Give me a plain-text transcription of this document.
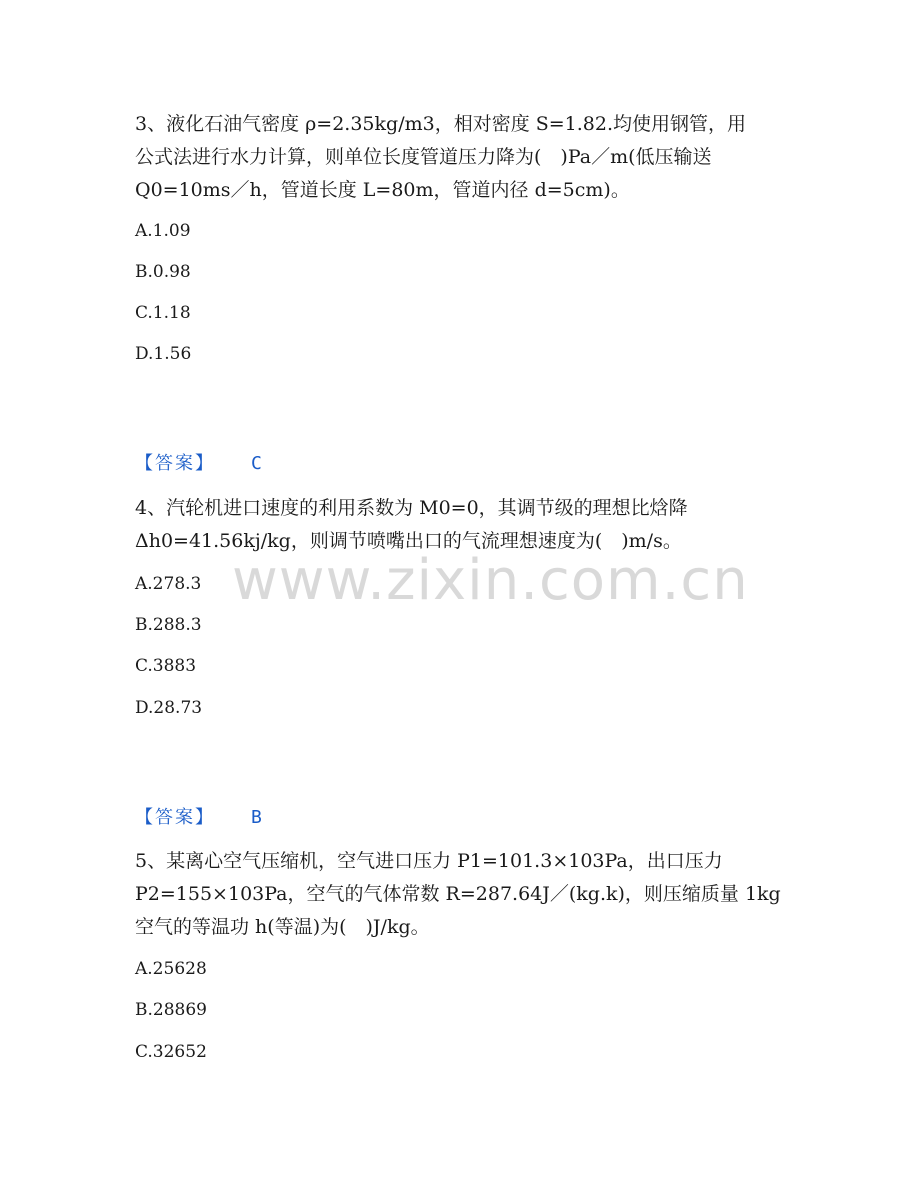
3、液化石油气密度 ρ=2.35kg/m3，相对密度 S=1.82.均使用钢管，用
公式法进行水力计算，则单位长度管道压力降为(　)Pa／m(低压输送
Q0=10ms／h，管道长度 L=80m，管道内径 d=5cm)。
A.1.09
B.0.98
C.1.18
D.1.56
【答案】 C
4、汽轮机进口速度的利用系数为 M0=0，其调节级的理想比焓降
Δh0=41.56kj/kg，则调节喷嘴出口的气流理想速度为(　)m/s。
A.278.3
B.288.3
C.3883
D.28.73
【答案】 B
5、某离心空气压缩机，空气进口压力 P1=101.3×103Pa，出口压力
P2=155×103Pa，空气的气体常数 R=287.64J／(kg.k)，则压缩质量 1kg
空气的等温功 h(等温)为(　)J/kg。
A.25628
B.28869
C.32652
www.zixin.com.cn
